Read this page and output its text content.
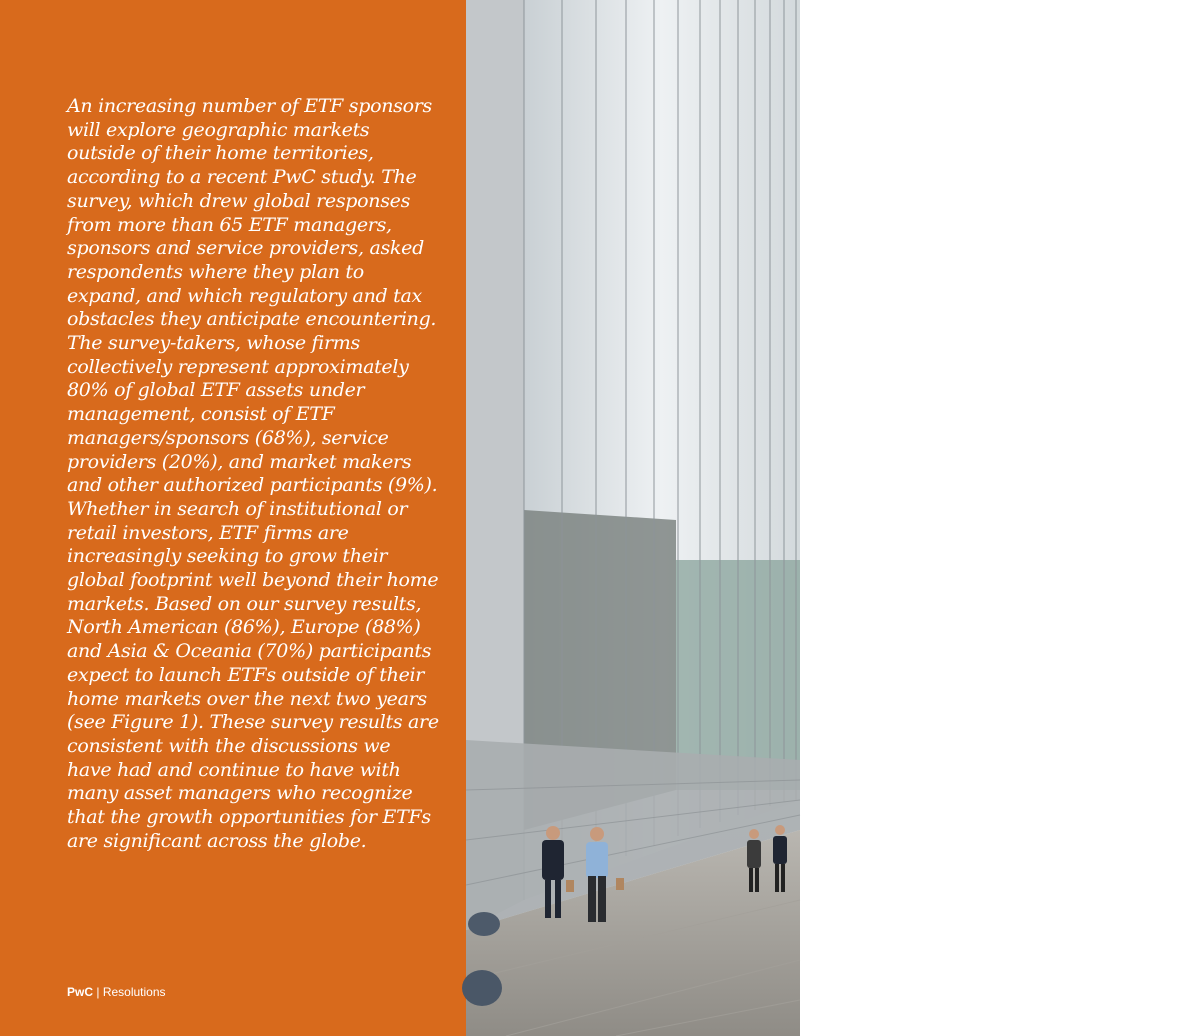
An increasing number of ETF sponsors will explore geographic markets outside of their home territories, according to a recent PwC study. The survey, which drew global responses from more than 65 ETF managers, sponsors and service providers, asked respondents where they plan to expand, and which regulatory and tax obstacles they anticipate encountering. The survey-takers, whose firms collectively represent approximately 80% of global ETF assets under management, consist of ETF managers/sponsors (68%), service providers (20%), and market makers and other authorized participants (9%). Whether in search of institutional or retail investors, ETF firms are increasingly seeking to grow their global footprint well beyond their home markets. Based on our survey results, North American (86%), Europe (88%) and Asia & Oceania (70%) participants expect to launch ETFs outside of their home markets over the next two years (see Figure 1). These survey results are consistent with the discussions we have had and continue to have with many asset managers who recognize that the growth opportunities for ETFs are significant across the globe.

PwC | Resolutions	2
